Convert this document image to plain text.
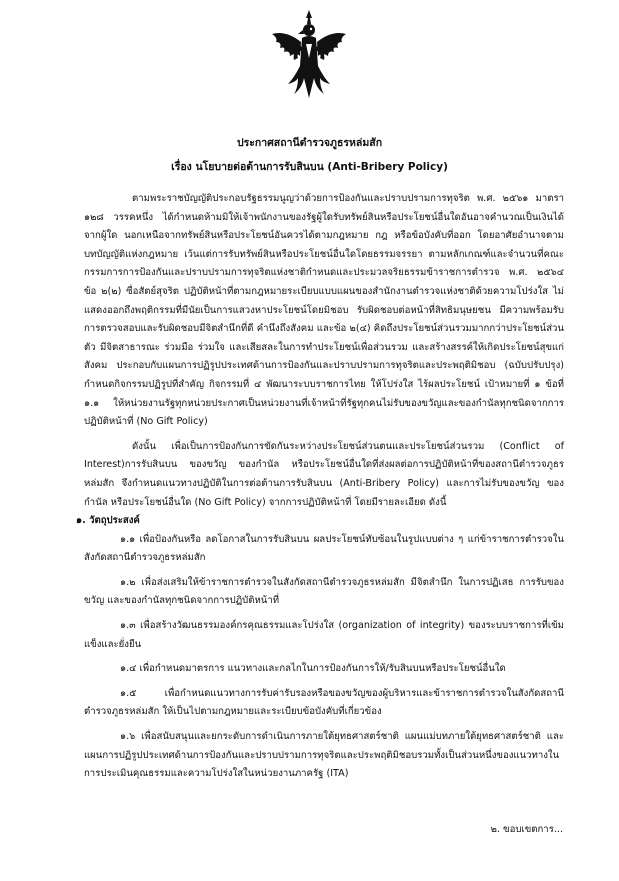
ประกาศสถานีตำรวจภูธรหล่มสัก
เรื่อง นโยบายต่อต้านการรับสินบน (Anti-Bribery Policy)

ตามพระราชบัญญัติประกอบรัฐธรรมนูญว่าด้วยการป้องกันและปราบปรามการทุจริต พ.ศ. ๒๕๖๑ มาตรา ๑๒๘ วรรคหนึ่ง ได้กำหนดห้ามมิให้เจ้าพนักงานของรัฐผู้ใดรับทรัพย์สินหรือประโยชน์อื่นใดอันอาจคำนวณเป็นเงินได้จากผู้ใด นอกเหนือจากทรัพย์สินหรือประโยชน์อันควรได้ตามกฎหมาย กฎ หรือข้อบังคับที่ออก โดยอาศัยอำนาจตามบทบัญญัติแห่งกฎหมาย เว้นแต่การรับทรัพย์สินหรือประโยชน์อื่นใดโดยธรรมจรรยา ตามหลักเกณฑ์และจำนวนที่คณะกรรมการการป้องกันและปราบปรามการทุจริตแห่งชาติกำหนดและประมวลจริยธรรมข้าราชการตำรวจ พ.ศ. ๒๕๖๔ ข้อ ๒(๒) ซื่อสัตย์สุจริต ปฏิบัติหน้าที่ตามกฎหมายระเบียบแบบแผนของสำนักงานตำรวจแห่งชาติด้วยความโปร่งใส ไม่แสดงออกถึงพฤติกรรมที่มีนัยเป็นการแสวงหาประโยชน์โดยมิชอบ รับผิดชอบต่อหน้าที่สิทธิมนุษยชน มีความพร้อมรับการตรวจสอบและรับผิดชอบมีจิตสำนึกที่ดี คำนึงถึงสังคม และข้อ ๒(๔) คิดถึงประโยชน์ส่วนรวมมากกว่าประโยชน์ส่วนตัว มีจิตสาธารณะ ร่วมมือ ร่วมใจ และเสียสละในการทำประโยชน์เพื่อส่วนรวม และสร้างสรรค์ให้เกิดประโยชน์สุขแก่สังคม ประกอบกับแผนการปฏิรูปประเทศด้านการป้องกันและปราบปรามการทุจริตและประพฤติมิชอบ (ฉบับปรับปรุง) กำหนดกิจกรรมปฏิรูปที่สำคัญ กิจกรรมที่ ๔ พัฒนาระบบราชการไทย ให้โปร่งใส ไร้ผลประโยชน์ เป้าหมายที่ ๑ ข้อที่ ๑.๑ ให้หน่วยงานรัฐทุกหน่วยประกาศเป็นหน่วยงานที่เจ้าหน้าที่รัฐทุกคนไม่รับของขวัญและของกำนัลทุกชนิดจากการปฏิบัติหน้าที่ (No Gift Policy)

ดังนั้น เพื่อเป็นการป้องกันการขัดกันระหว่างประโยชน์ส่วนตนและประโยชน์ส่วนรวม (Conflict of Interest)การรับสินบน ของขวัญ ของกำนัล หรือประโยชน์อื่นใดที่ส่งผลต่อการปฏิบัติหน้าที่ของสถานีตำรวจภูธรหล่มสัก จึงกำหนดแนวทางปฏิบัติในการต่อต้านการรับสินบน (Anti-Bribery Policy) และการไม่รับของขวัญ ของกำนัล หรือประโยชน์อื่นใด (No Gift Policy) จากการปฏิบัติหน้าที่ โดยมีรายละเอียด ดังนี้

๑. วัตถุประสงค์

๑.๑ เพื่อป้องกันหรือ ลดโอกาสในการรับสินบน ผลประโยชน์ทับซ้อนในรูปแบบต่าง ๆ แก่ข้าราชการตำรวจในสังกัดสถานีตำรวจภูธรหล่มสัก

๑.๒ เพื่อส่งเสริมให้ข้าราชการตำรวจในสังกัดสถานีตำรวจภูธรหล่มสัก มีจิตสำนึก ในการปฏิเสธ การรับของขวัญ และของกำนัลทุกชนิดจากการปฏิบัติหน้าที่

๑.๓ เพื่อสร้างวัฒนธรรมองค์กรคุณธรรมและโปร่งใส (organization of integrity) ของระบบราชการที่เข้มแข็งและยั่งยืน

๑.๔ เพื่อกำหนดมาตรการ แนวทางและกลไกในการป้องกันการให้/รับสินบนหรือประโยชน์อื่นใด

๑.๕ เพื่อกำหนดแนวทางการรับค่ารับรองหรือของขวัญของผู้บริหารและข้าราชการตำรวจในสังกัดสถานีตำรวจภูธรหล่มสัก ให้เป็นไปตามกฎหมายและระเบียบข้อบังคับที่เกี่ยวข้อง

๑.๖ เพื่อสนับสนุนและยกระดับการดำเนินการภายใต้ยุทธศาสตร์ชาติ แผนแม่บทภายใต้ยุทธศาสตร์ชาติ และแผนการปฏิรูปประเทศด้านการป้องกันและปราบปรามการทุจริตและประพฤติมิชอบรวมทั้งเป็นส่วนหนึ่งของแนวทางในการประเมินคุณธรรมและความโปร่งใสในหน่วยงานภาครัฐ (ITA)

๒. ขอบเขตการ...
